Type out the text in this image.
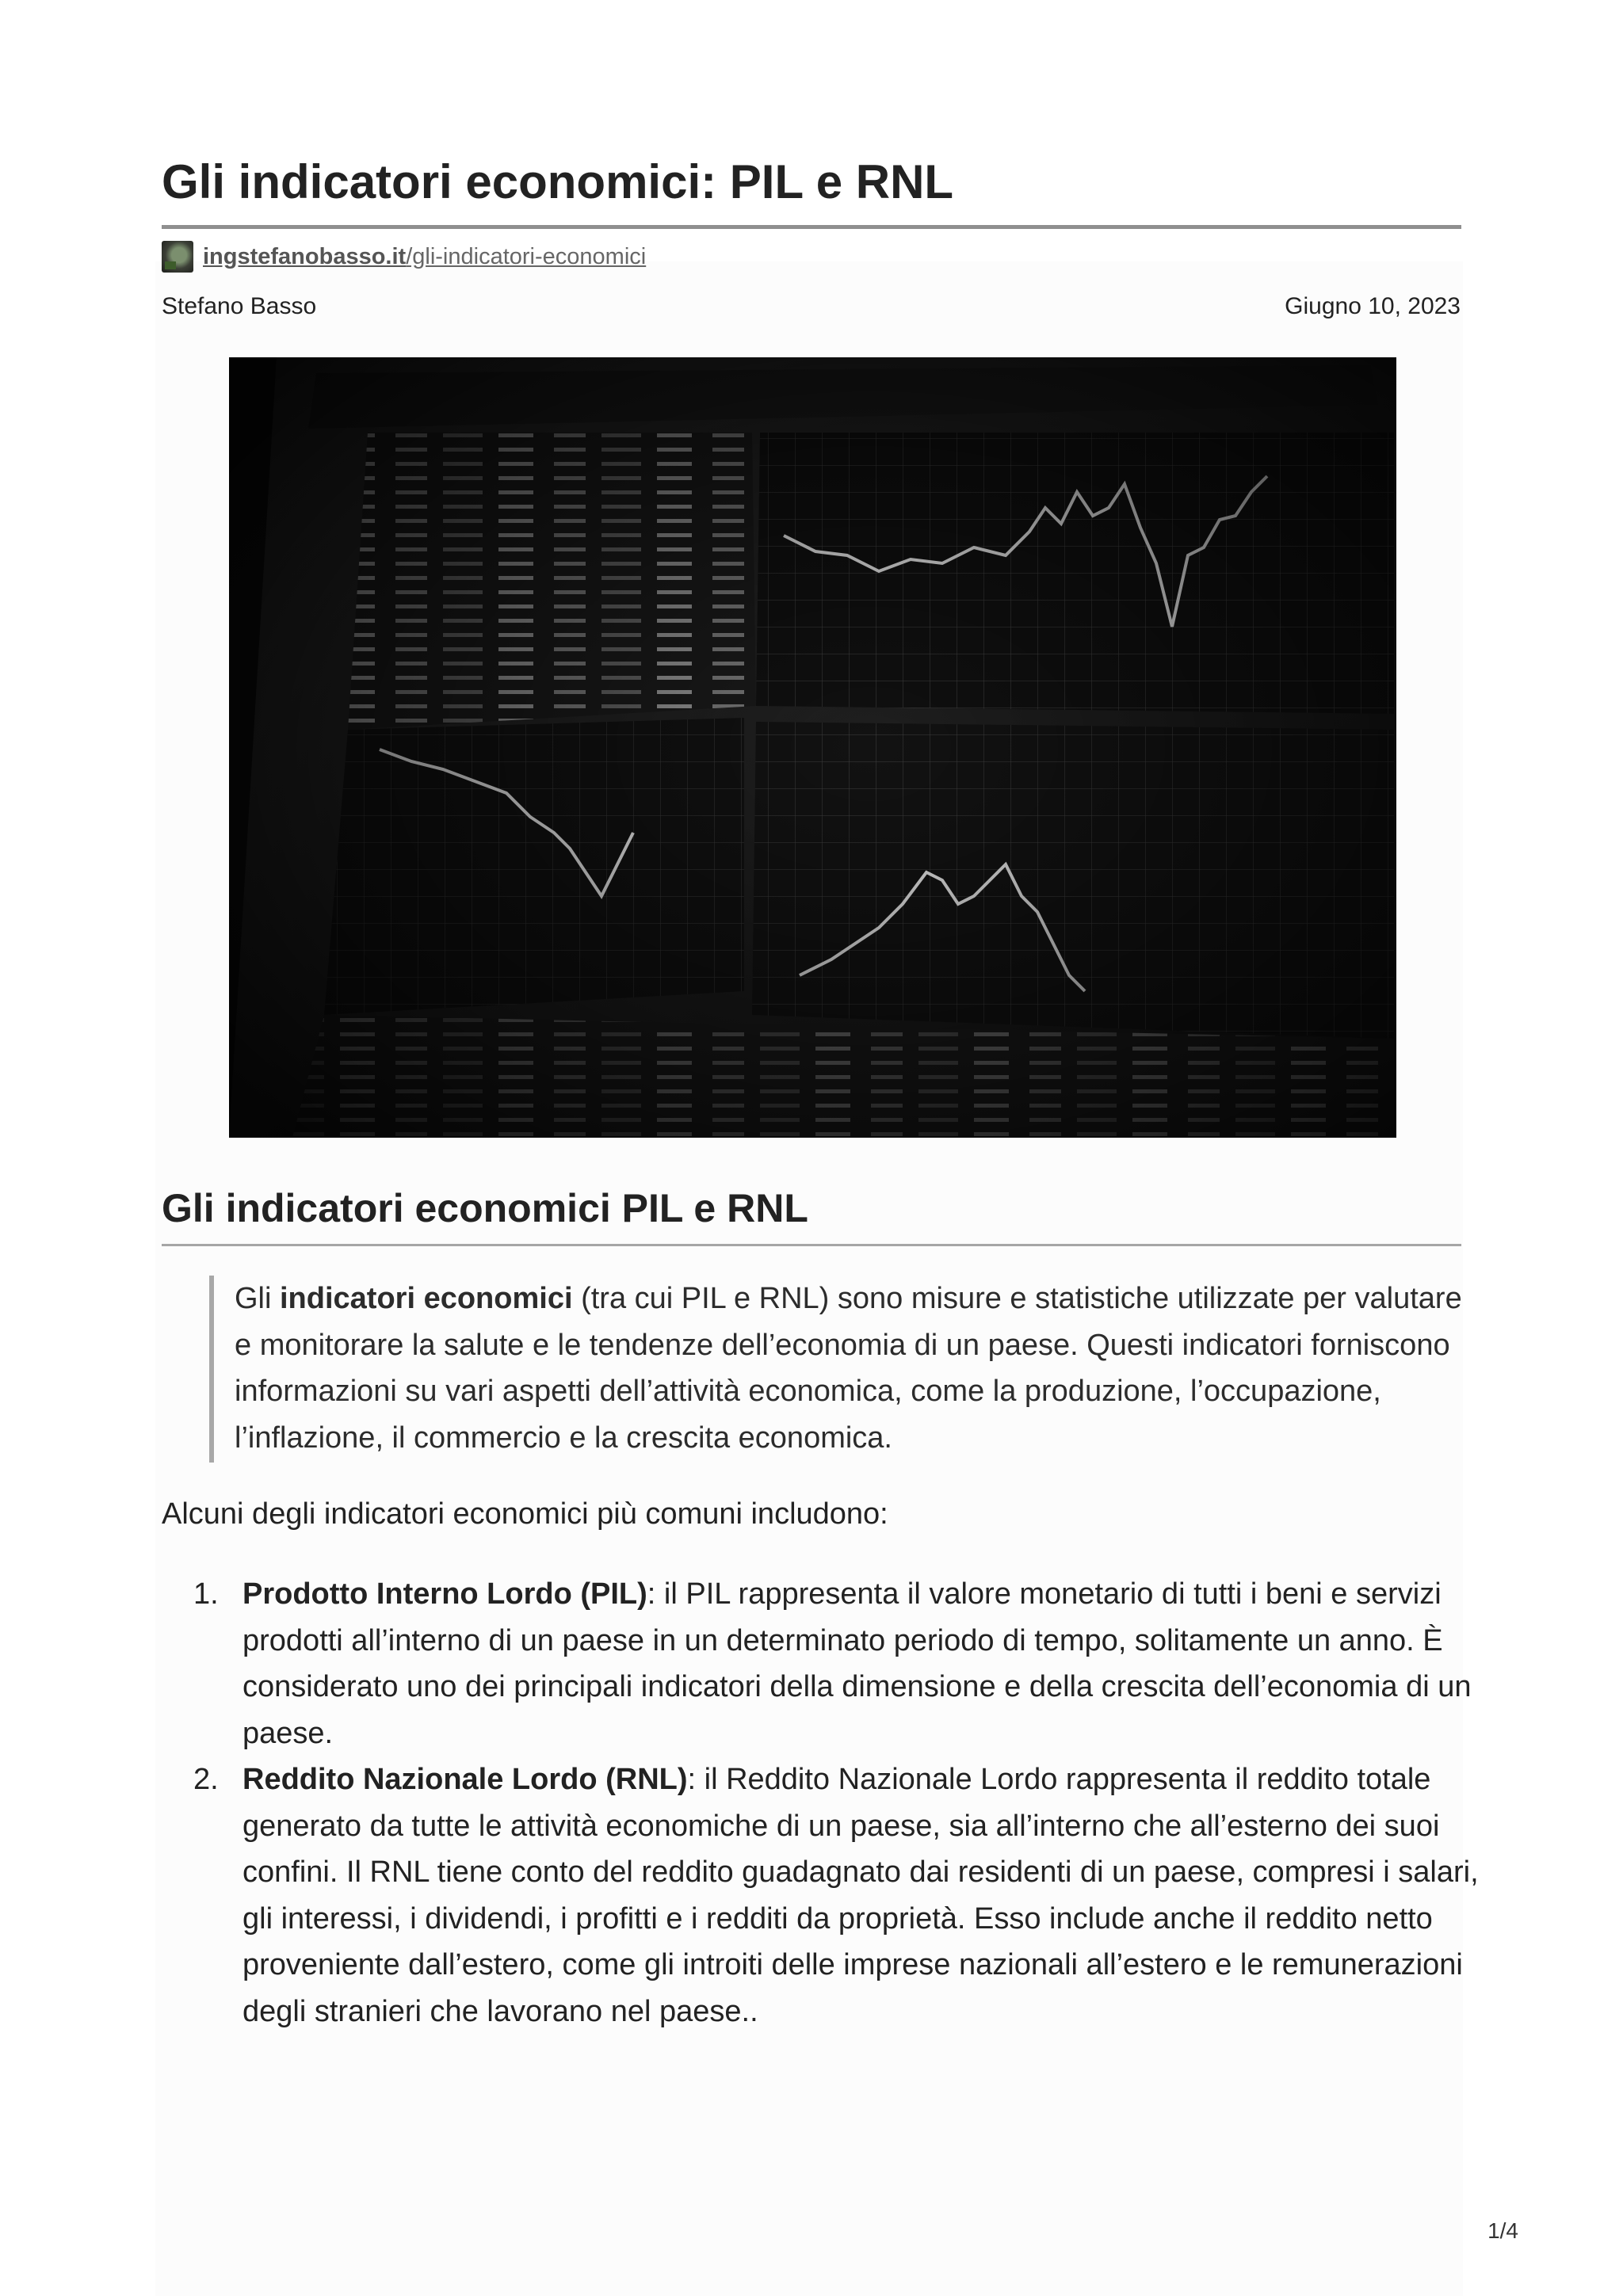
Gli indicatori economici: PIL e RNL
ingstefanobasso.it /gli-indicatori-economici
Stefano Basso	Giugno 10, 2023
Gli indicatori economici PIL e RNL

Gli indicatori economici (tra cui PIL e RNL) sono misure e statistiche utilizzate per valutare e monitorare la salute e le tendenze dell’economia di un paese. Questi indicatori forniscono informazioni su vari aspetti dell’attività economica, come la produzione, l’occupazione, l’inflazione, il commercio e la crescita economica.

Alcuni degli indicatori economici più comuni includono:
1. Prodotto Interno Lordo (PIL): il PIL rappresenta il valore monetario di tutti i beni e servizi prodotti all’interno di un paese in un determinato periodo di tempo, solitamente un anno. È considerato uno dei principali indicatori della dimensione e della crescita dell’economia di un paese.
2. Reddito Nazionale Lordo (RNL): il Reddito Nazionale Lordo rappresenta il reddito totale generato da tutte le attività economiche di un paese, sia all’interno che all’esterno dei suoi confini. Il RNL tiene conto del reddito guadagnato dai residenti di un paese, compresi i salari, gli interessi, i dividendi, i profitti e i redditi da proprietà. Esso include anche il reddito netto proveniente dall’estero, come gli introiti delle imprese nazionali all’estero e le remunerazioni degli stranieri che lavorano nel paese..
1/4
